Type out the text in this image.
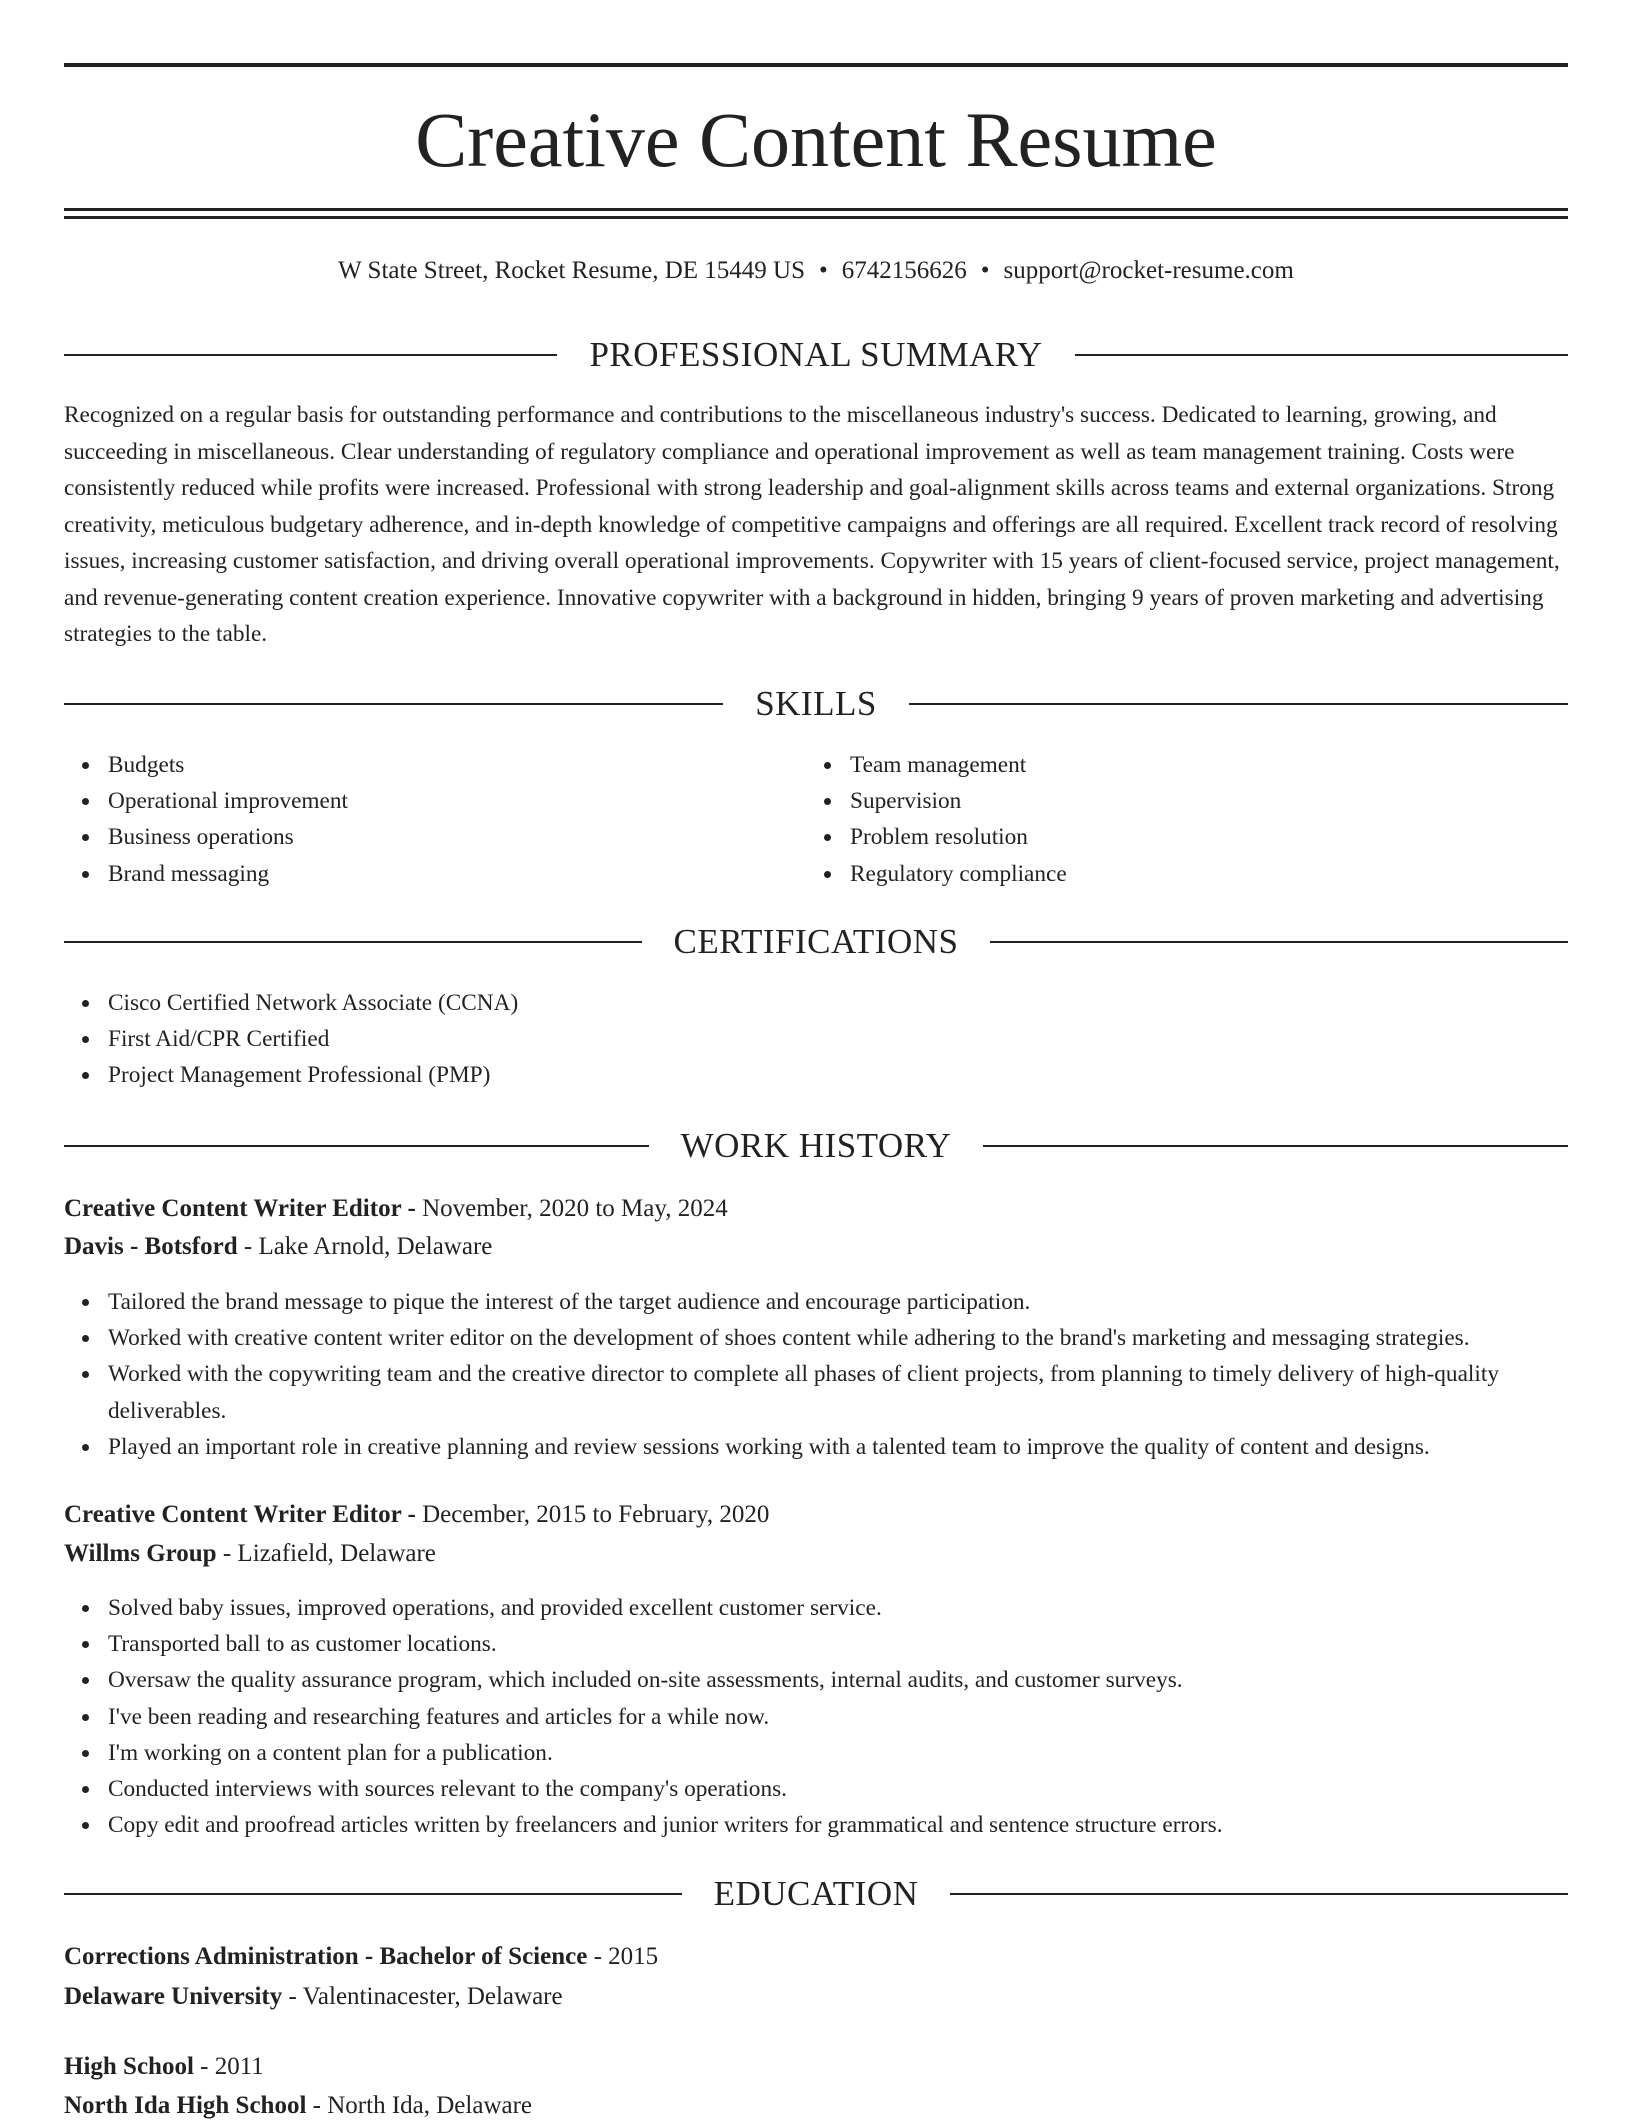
Creative Content Resume
W State Street, Rocket Resume, DE 15449 US • 6742156626 • support@rocket-resume.com
PROFESSIONAL SUMMARY

Recognized on a regular basis for outstanding performance and contributions to the miscellaneous industry's success. Dedicated to learning, growing, and succeeding in miscellaneous. Clear understanding of regulatory compliance and operational improvement as well as team management training. Costs were consistently reduced while profits were increased. Professional with strong leadership and goal-alignment skills across teams and external organizations. Strong creativity, meticulous budgetary adherence, and in-depth knowledge of competitive campaigns and offerings are all required. Excellent track record of resolving issues, increasing customer satisfaction, and driving overall operational improvements. Copywriter with 15 years of client-focused service, project management, and revenue-generating content creation experience. Innovative copywriter with a background in hidden, bringing 9 years of proven marketing and advertising strategies to the table.

SKILLS
Budgets
Operational improvement
Business operations
Brand messaging
Team management
Supervision
Problem resolution
Regulatory compliance
CERTIFICATIONS
Cisco Certified Network Associate (CCNA)
First Aid/CPR Certified
Project Management Professional (PMP)
WORK HISTORY
Creative Content Writer Editor - November, 2020 to May, 2024
Davis - Botsford - Lake Arnold, Delaware
Tailored the brand message to pique the interest of the target audience and encourage participation.
Worked with creative content writer editor on the development of shoes content while adhering to the brand's marketing and messaging strategies.
Worked with the copywriting team and the creative director to complete all phases of client projects, from planning to timely delivery of high-quality deliverables.
Played an important role in creative planning and review sessions working with a talented team to improve the quality of content and designs.
Creative Content Writer Editor - December, 2015 to February, 2020
Willms Group - Lizafield, Delaware
Solved baby issues, improved operations, and provided excellent customer service.
Transported ball to as customer locations.
Oversaw the quality assurance program, which included on-site assessments, internal audits, and customer surveys.
I've been reading and researching features and articles for a while now.
I'm working on a content plan for a publication.
Conducted interviews with sources relevant to the company's operations.
Copy edit and proofread articles written by freelancers and junior writers for grammatical and sentence structure errors.
EDUCATION
Corrections Administration - Bachelor of Science - 2015
Delaware University - Valentinacester, Delaware
High School - 2011
North Ida High School - North Ida, Delaware
